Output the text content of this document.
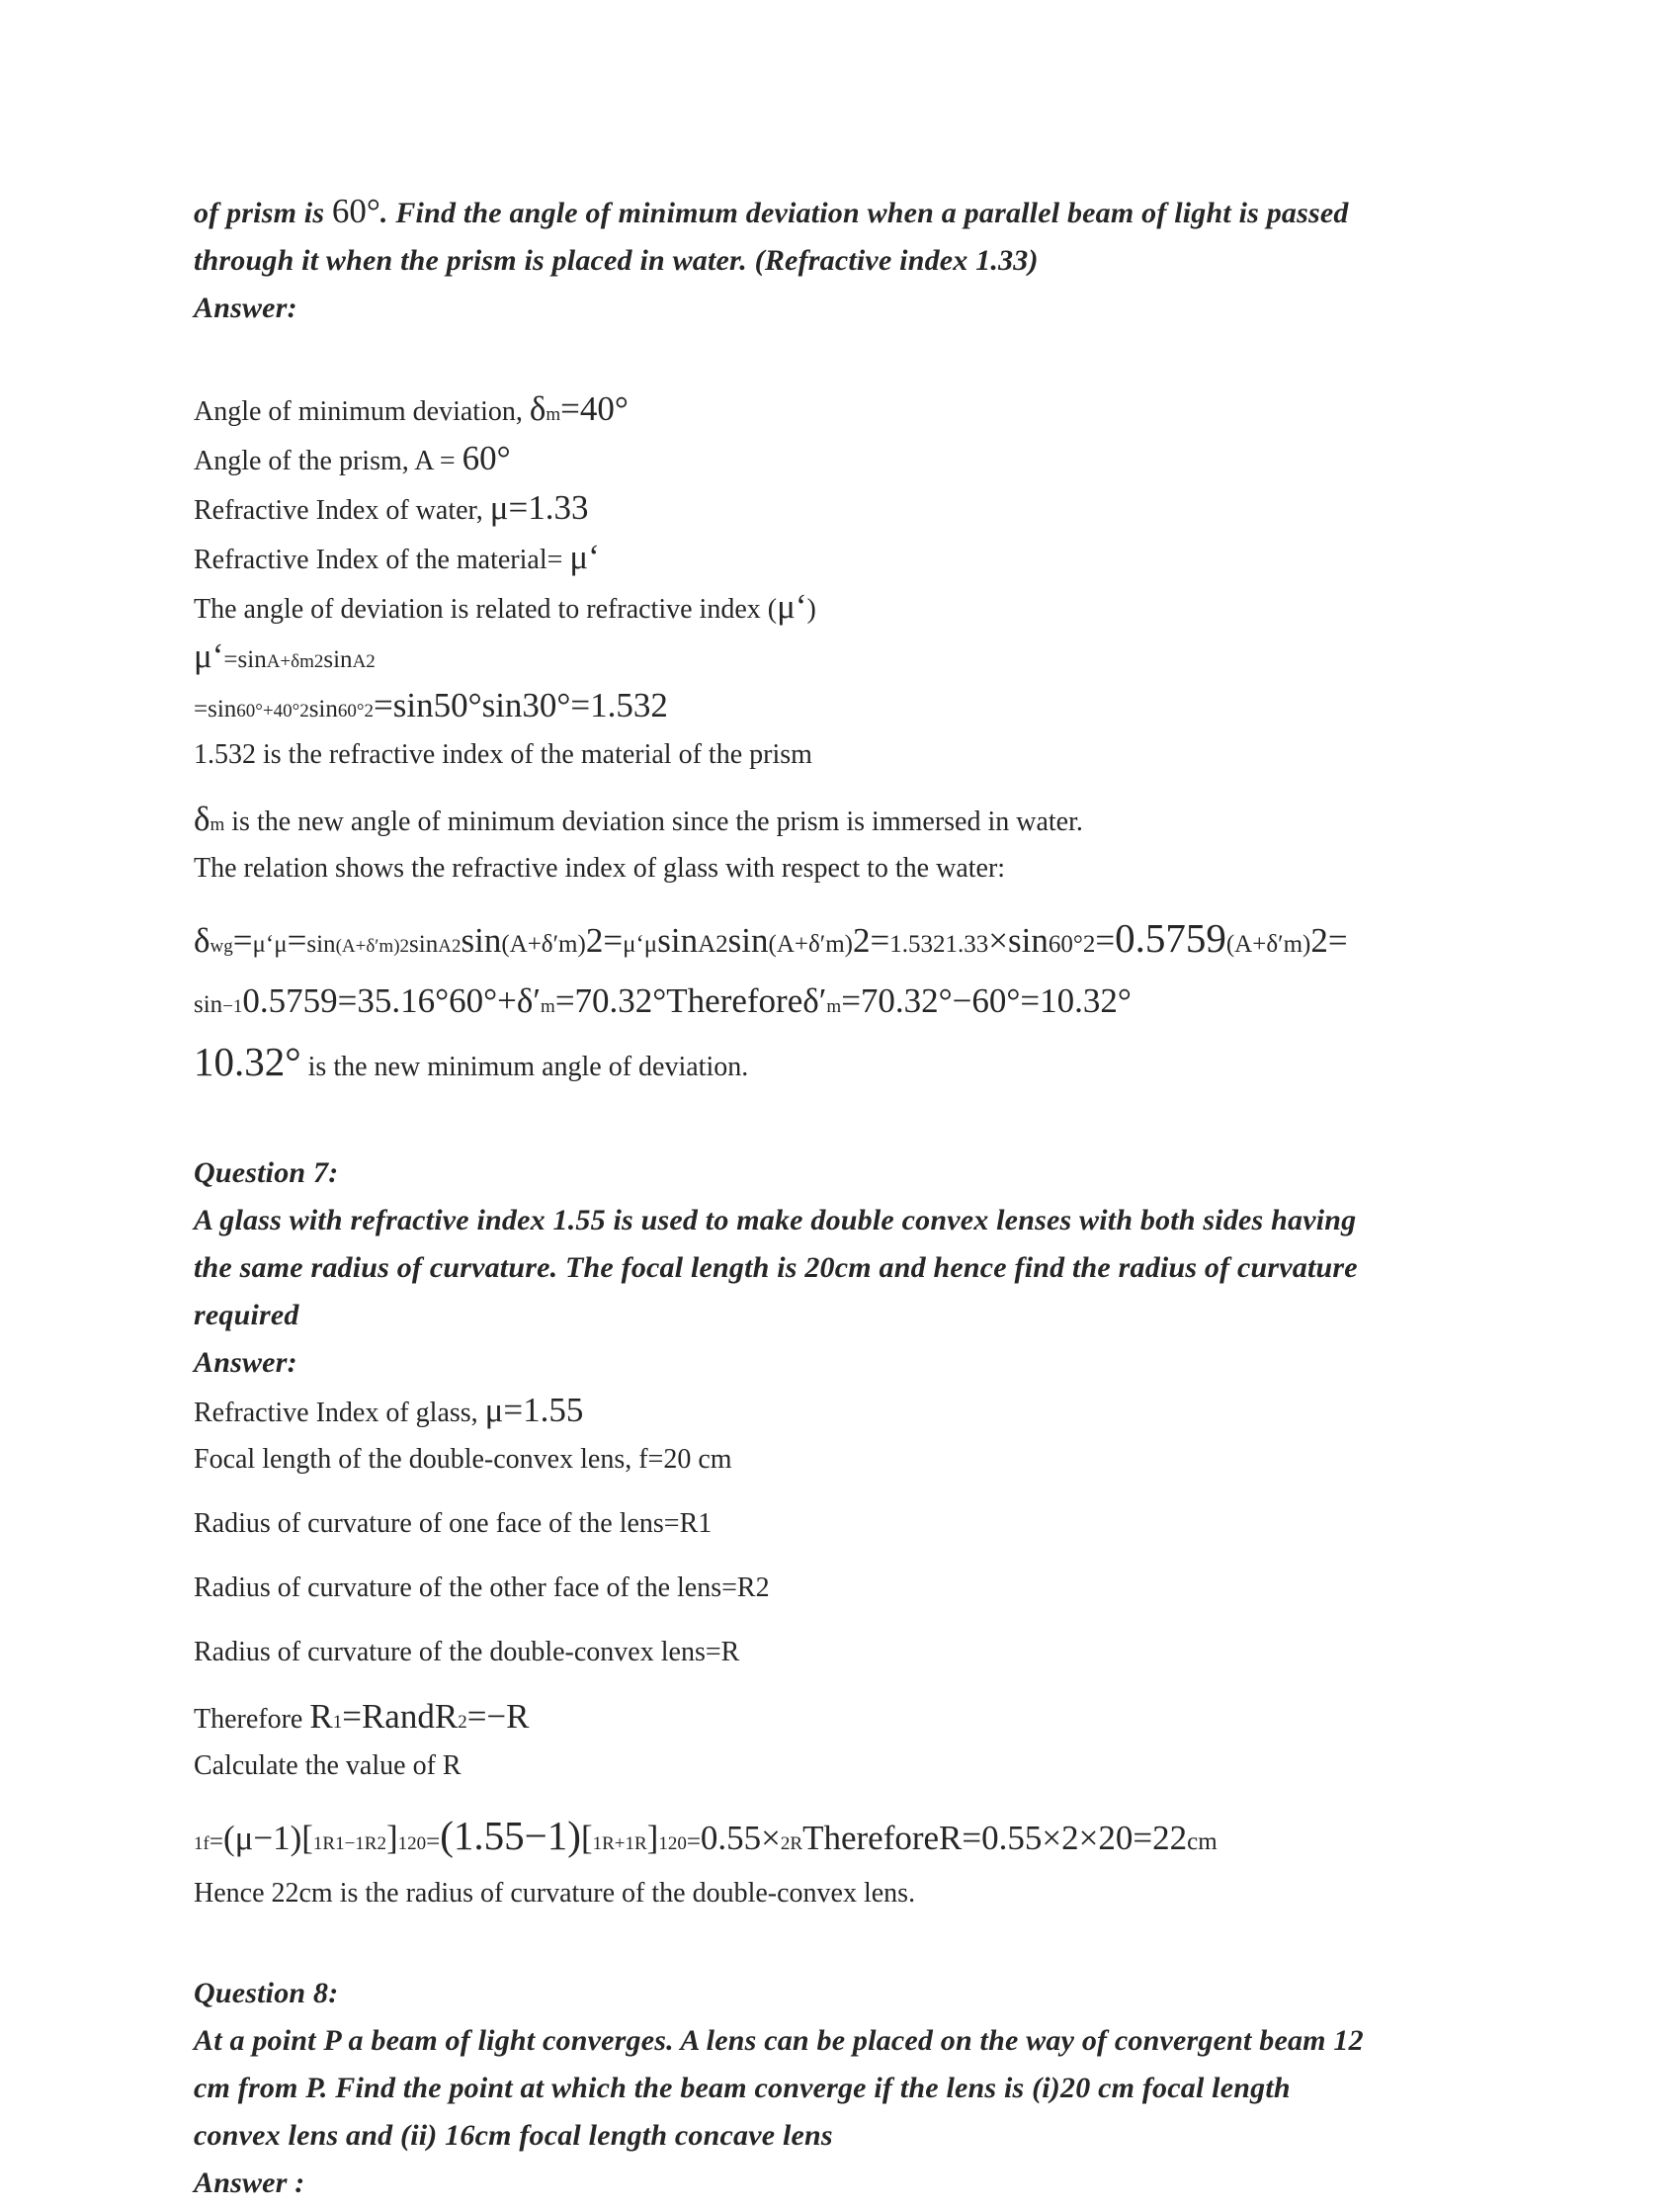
of prism is 60°. Find the angle of minimum deviation when a parallel beam of light is passed
through it when the prism is placed in water. (Refractive index 1.33)
Answer:
Angle of minimum deviation, δm=40°
Angle of the prism, A = 60°
Refractive Index of water, μ=1.33
Refractive Index of the material= μ‘
The angle of deviation is related to refractive index (μ‘)
μ‘=sinA+δm2sinA2
=sin60°+40°2sin60°2=sin50°sin30°=1.532
1.532 is the refractive index of the material of the prism
δm is the new angle of minimum deviation since the prism is immersed in water.
The relation shows the refractive index of glass with respect to the water:
δwg=μ‘μ=sin(A+δ′m)2sinA2sin(A+δ′m)2=μ‘μsinA2sin(A+δ′m)2=1.5321.33×sin60°2=0.5759(A+δ′m)2=
sin−10.5759=35.16°60°+δ′m=70.32°Thereforeδ′m=70.32°−60°=10.32°
10.32° is the new minimum angle of deviation.
Question 7:
A glass with refractive index 1.55 is used to make double convex lenses with both sides having
the same radius of curvature. The focal length is 20cm and hence find the radius of curvature
required
Answer:
Refractive Index of glass, μ=1.55
Focal length of the double-convex lens, f=20 cm
Radius of curvature of one face of the lens=R1
Radius of curvature of the other face of the lens=R2
Radius of curvature of the double-convex lens=R
Therefore R1=RandR2=−R
Calculate the value of R
1f=(μ−1)[1R1−1R2]120=(1.55−1)[1R+1R]120=0.55×2RThereforeR=0.55×2×20=22cm
Hence 22cm is the radius of curvature of the double-convex lens.
Question 8:
At a point P a beam of light converges. A lens can be placed on the way of convergent beam 12
cm from P. Find the point at which the beam converge if the lens is (i)20 cm focal length
convex lens and (ii) 16cm focal length concave lens
Answer :
